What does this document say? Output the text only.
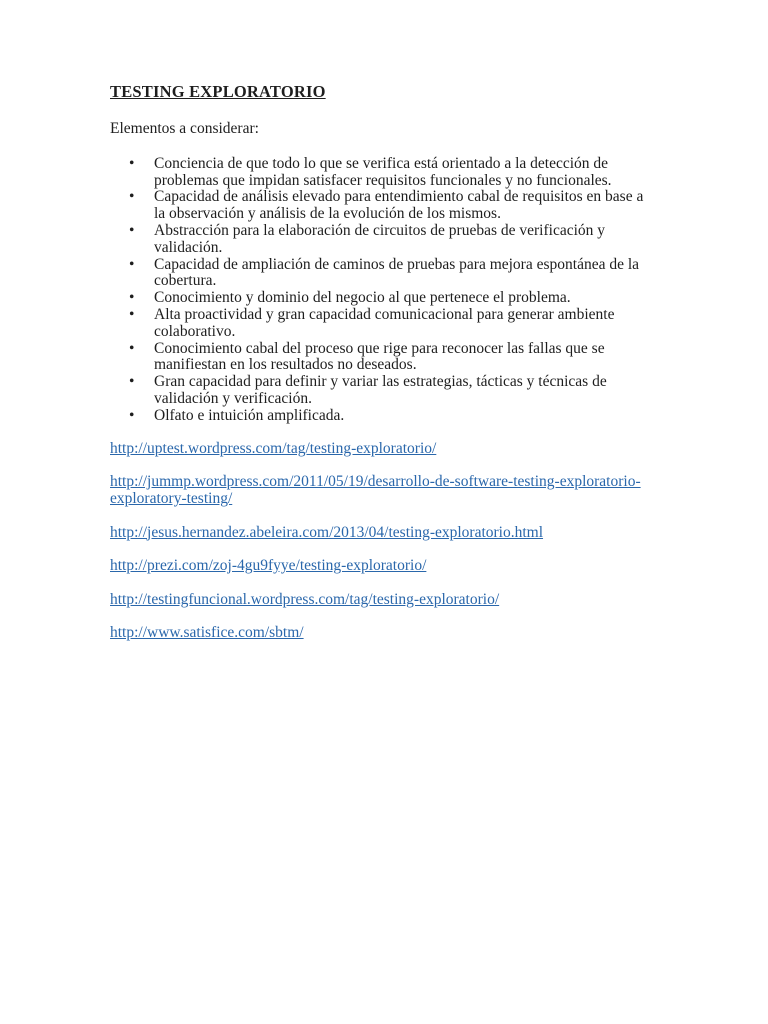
TESTING EXPLORATORIO

Elementos a considerar:

• Conciencia de que todo lo que se verifica está orientado a la detección de problemas que impidan satisfacer requisitos funcionales y no funcionales.
• Capacidad de análisis elevado para entendimiento cabal de requisitos en base a la observación y análisis de la evolución de los mismos.
• Abstracción para la elaboración de circuitos de pruebas de verificación y validación.
• Capacidad de ampliación de caminos de pruebas para mejora espontánea de la cobertura.
• Conocimiento y dominio del negocio al que pertenece el problema.
• Alta proactividad y gran capacidad comunicacional para generar ambiente colaborativo.
• Conocimiento cabal del proceso que rige para reconocer las fallas que se manifiestan en los resultados no deseados.
• Gran capacidad para definir y variar las estrategias, tácticas y técnicas de validación y verificación.
• Olfato e intuición amplificada.

http://uptest.wordpress.com/tag/testing-exploratorio/

http://jummp.wordpress.com/2011/05/19/desarrollo-de-software-testing-exploratorio-exploratory-testing/

http://jesus.hernandez.abeleira.com/2013/04/testing-exploratorio.html

http://prezi.com/zoj-4gu9fyye/testing-exploratorio/

http://testingfuncional.wordpress.com/tag/testing-exploratorio/

http://www.satisfice.com/sbtm/
